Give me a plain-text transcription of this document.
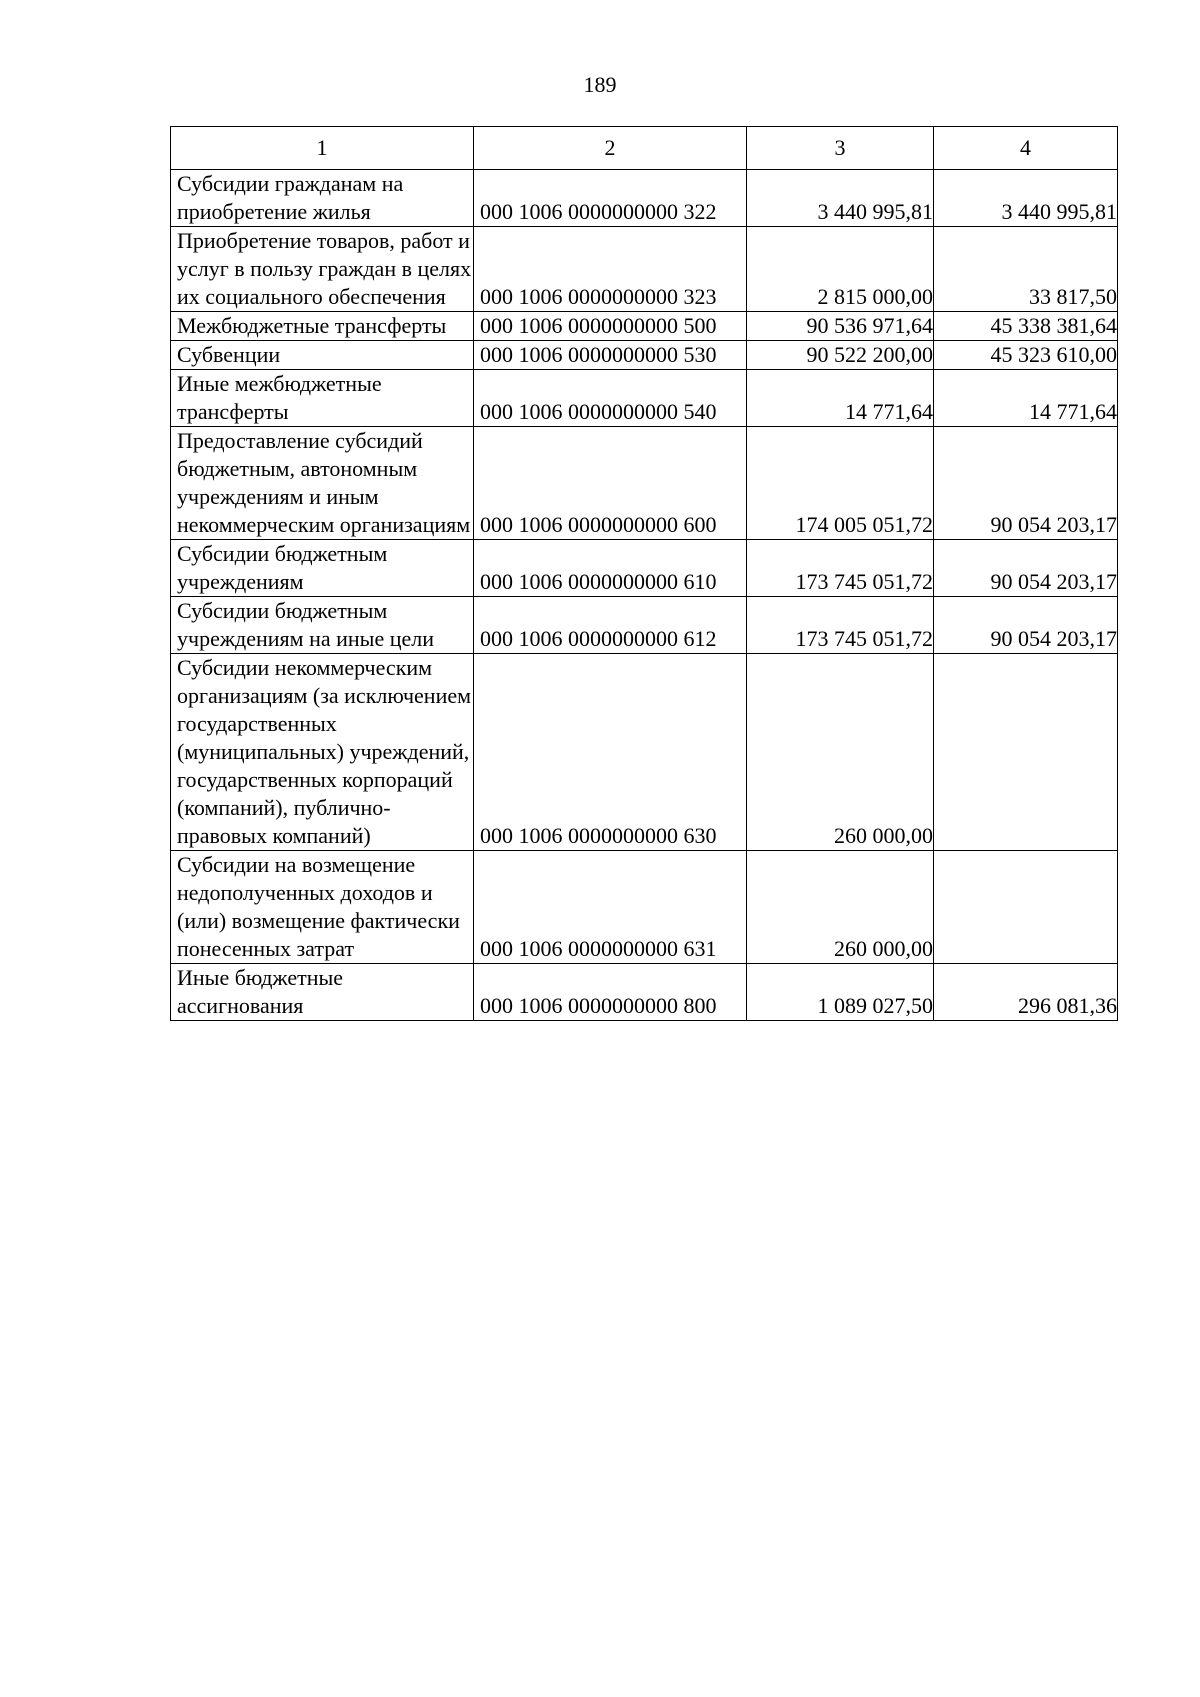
189
1	2	3	4
Субсидии гражданам на приобретение жилья	000 1006 0000000000 322	3 440 995,81	3 440 995,81
Приобретение товаров, работ и услуг в пользу граждан в целях их социального обеспечения	000 1006 0000000000 323	2 815 000,00	33 817,50
Межбюджетные трансферты	000 1006 0000000000 500	90 536 971,64	45 338 381,64
Субвенции	000 1006 0000000000 530	90 522 200,00	45 323 610,00
Иные межбюджетные трансферты	000 1006 0000000000 540	14 771,64	14 771,64
Предоставление субсидий бюджетным, автономным учреждениям и иным некоммерческим организациям	000 1006 0000000000 600	174 005 051,72	90 054 203,17
Субсидии бюджетным учреждениям	000 1006 0000000000 610	173 745 051,72	90 054 203,17
Субсидии бюджетным учреждениям на иные цели	000 1006 0000000000 612	173 745 051,72	90 054 203,17
Субсидии некоммерческим организациям (за исключением государственных (муниципальных) учреждений, государственных корпораций (компаний), публично-правовых компаний)	000 1006 0000000000 630	260 000,00	
Субсидии на возмещение недополученных доходов и (или) возмещение фактически понесенных затрат	000 1006 0000000000 631	260 000,00	
Иные бюджетные ассигнования	000 1006 0000000000 800	1 089 027,50	296 081,36
